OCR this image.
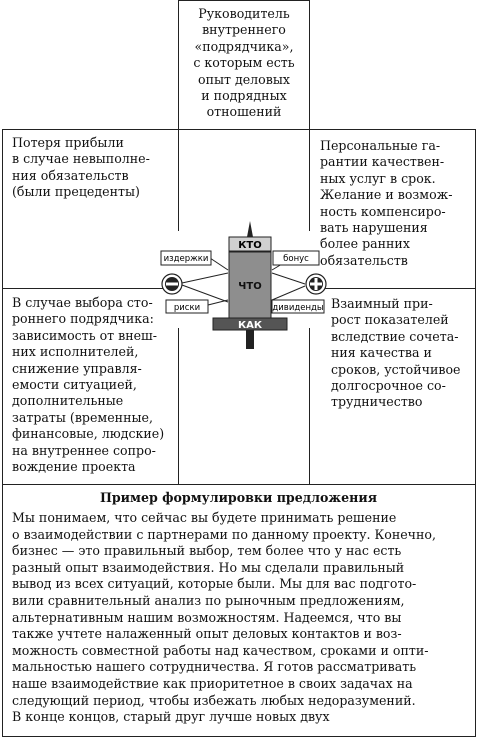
Руководитель
внутреннего
«подрядчика»,
с которым есть
опыт деловых
и подрядных
отношений
Потеря прибыли
в случае невыполне-
ния обязательств
(были прецеденты)
Персональные га-
рантии качествен-
ных услуг в срок.
Желание и возмож-
ность компенсиро-
вать нарушения
более ранних
обязательств
В случае выбора сто-
роннего подрядчика:
зависимость от внеш-
них исполнителей,
снижение управля-
емости ситуацией,
дополнительные
затраты (временные,
финансовые, людские)
на внутреннее сопро-
вождение проекта
Взаимный при-
рост показателей
вследствие сочета-
ния качества и
сроков, устойчивое
долгосрочное со-
трудничество
КТО
ЧТО
КАК
издержки	бонус
риски	дивиденды
Пример формулировки предложения
Мы понимаем, что сейчас вы будете принимать решение
о взаимодействии с партнерами по данному проекту. Конечно,
бизнес — это правильный выбор, тем более что у нас есть
разный опыт взаимодействия. Но мы сделали правильный
вывод из всех ситуаций, которые были. Мы для вас подгото-
вили сравнительный анализ по рыночным предложениям,
альтернативным нашим возможностям. Надеемся, что вы
также учтете налаженный опыт деловых контактов и воз-
можность совместной работы над качеством, сроками и опти-
мальностью нашего сотрудничества. Я готов рассматривать
наше взаимодействие как приоритетное в своих задачах на
следующий период, чтобы избежать любых недоразумений.
В конце концов, старый друг лучше новых двух
